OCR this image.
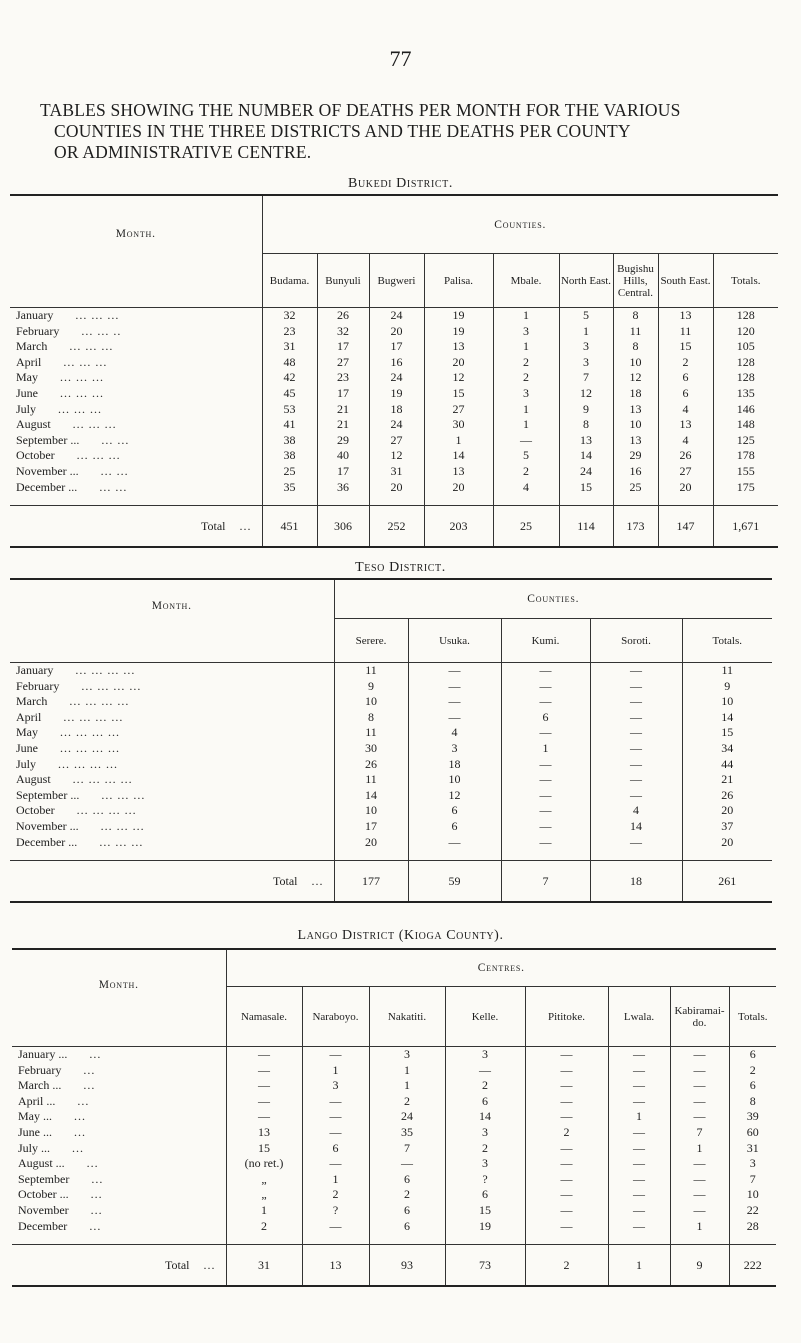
77
TABLES SHOWING THE NUMBER OF DEATHS PER MONTH FOR THE VARIOUS
COUNTIES IN THE THREE DISTRICTS AND THE DEATHS PER COUNTY
OR ADMINISTRATIVE CENTRE.
Bukedi District.
Month.	Counties.								
	Budama.	Bunyuli	Bugweri	Palisa.	Mbale.	North East.	Bugishu Hills, Central.	South East.	Totals.
January ... ... ...	32	26	24	19	1	5	8	13	128
February ... ... ..	23	32	20	19	3	1	11	11	120
March ... ... ...	31	17	17	13	1	3	8	15	105
April ... ... ...	48	27	16	20	2	3	10	2	128
May ... ... ...	42	23	24	12	2	7	12	6	128
June ... ... ...	45	17	19	15	3	12	18	6	135
July ... ... ...	53	21	18	27	1	9	13	4	146
August ... ... ...	41	21	24	30	1	8	10	13	148
September ... ... ...	38	29	27	1	—	13	13	4	125
October ... ... ...	38	40	12	14	5	14	29	26	178
November ... ... ...	25	17	31	13	2	24	16	27	155
December ... ... ...	35	36	20	20	4	15	25	20	175

Total ...	451	306	252	203	25	114	173	147	1,671
Teso District.
Month.	Counties.				
	Serere.	Usuka.	Kumi.	Soroti.	Totals.
January ... ... ... ...	11	—	—	—	11
February ... ... ... ...	9	—	—	—	9
March ... ... ... ...	10	—	—	—	10
April ... ... ... ...	8	—	6	—	14
May ... ... ... ...	11	4	—	—	15
June ... ... ... ...	30	3	1	—	34
July ... ... ... ...	26	18	—	—	44
August ... ... ... ...	11	10	—	—	21
September ... ... ... ...	14	12	—	—	26
October ... ... ... ...	10	6	—	4	20
November ... ... ... ...	17	6	—	14	37
December ... ... ... ...	20	—	—	—	20

Total ...	177	59	7	18	261
Lango District (Kioga County).
Month.	Centres.							
	Namasale.	Naraboyo.	Nakatiti.	Kelle.	Pititoke.	Lwala.	Kabiramai-do.	Totals.
January ... ...	—	—	3	3	—	—	—	6
February ...	—	1	1	—	—	—	—	2
March ... ...	—	3	1	2	—	—	—	6
April ... ...	—	—	2	6	—	—	—	8
May ... ...	—	—	24	14	—	1	—	39
June ... ...	13	—	35	3	2	—	7	60
July ... ...	15	6	7	2	—	—	1	31
August ... ...	(no ret.)	—	—	3	—	—	—	3
September ...	„	1	6	?	—	—	—	7
October ... ...	„	2	2	6	—	—	—	10
November ...	1	?	6	15	—	—	—	22
December ...	2	—	6	19	—	—	1	28

Total ...	31	13	93	73	2	1	9	222
